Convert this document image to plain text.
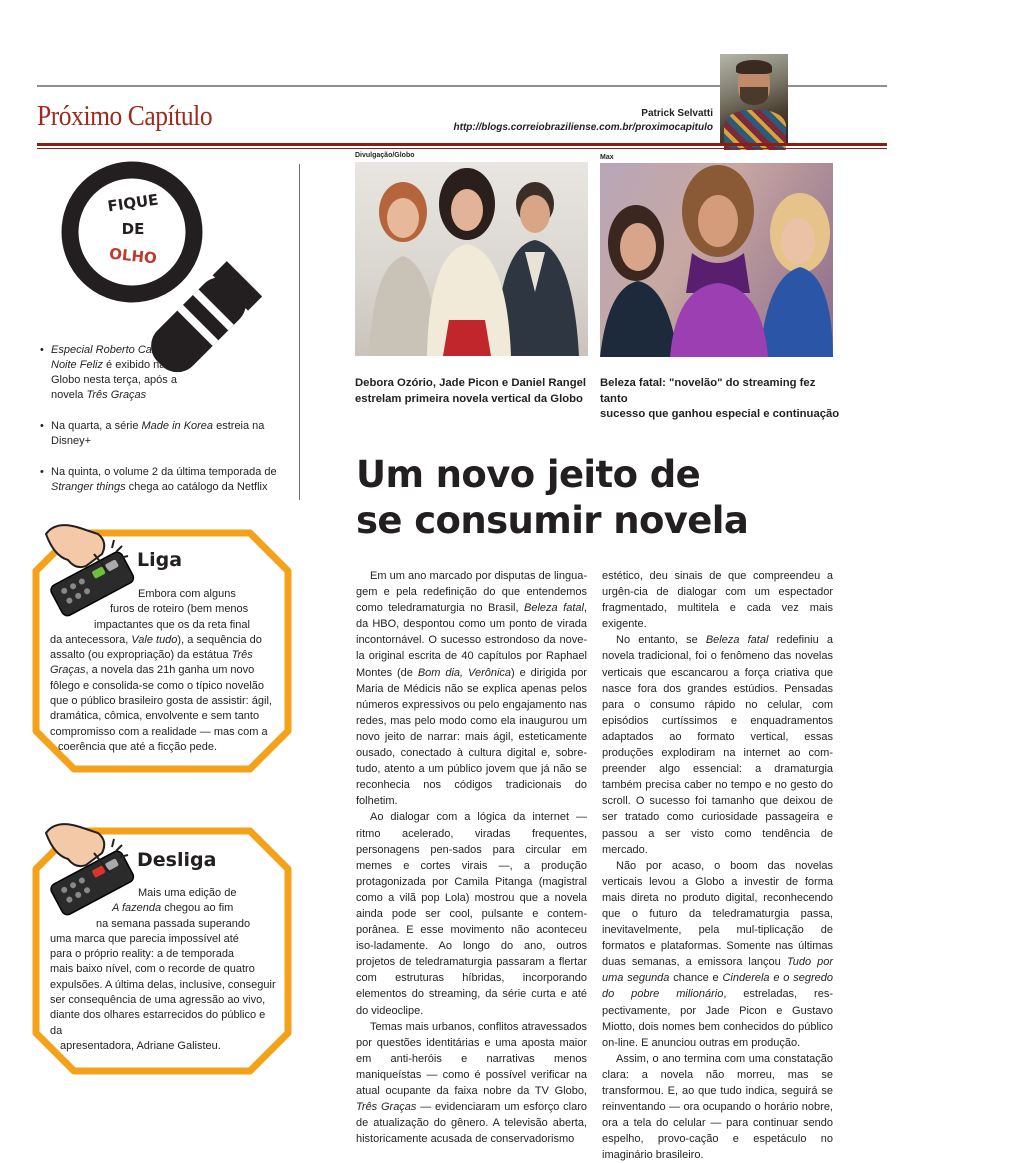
Próximo Capítulo	Patrick Selvatti
http://blogs.correiobraziliense.com.br/proximocapitulo
FIQUE
DE
OLHO
• Especial Roberto Carlos — Noite Feliz é exibido na Globo nesta terça, após a novela Três Graças
• Na quarta, a série Made in Korea estreia na Disney+
• Na quinta, o volume 2 da última temporada de Stranger things chega ao catálogo da Netflix
Liga
Embora com alguns
furos de roteiro (bem menos
impactantes que os da reta final
da antecessora, Vale tudo), a sequência do
assalto (ou expropriação) da estátua Três
Graças, a novela das 21h ganha um novo
fôlego e consolida-se como o típico novelão
que o público brasileiro gosta de assistir: ágil,
dramática, cômica, envolvente e sem tanto
compromisso com a realidade — mas com a
coerência que até a ficção pede.
Desliga
Mais uma edição de
A fazenda chegou ao fim
na semana passada superando
uma marca que parecia impossível até
para o próprio reality: a de temporada
mais baixo nível, com o recorde de quatro
expulsões. A última delas, inclusive, conseguir
ser consequência de uma agressão ao vivo,
diante dos olhares estarrecidos do público e da
apresentadora, Adriane Galisteu.
Divulgação/Globo
Debora Ozório, Jade Picon e Daniel Rangel
estrelam primeira novela vertical da Globo
Max
Beleza fatal: "novelão" do streaming fez tanto
sucesso que ganhou especial e continuação
Um novo jeito de
se consumir novela

Em um ano marcado por disputas de lingua-gem e pela redefinição do que entendemos como teledramaturgia no Brasil, Beleza fatal, da HBO, despontou como um ponto de virada incontornável. O sucesso estrondoso da nove-la original escrita de 40 capítulos por Raphael Montes (de Bom dia, Verônica) e dirigida por Maria de Médicis não se explica apenas pelos números expressivos ou pelo engajamento nas redes, mas pelo modo como ela inaugurou um novo jeito de narrar: mais ágil, esteticamente ousado, conectado à cultura digital e, sobre-tudo, atento a um público jovem que já não se reconhecia nos códigos tradicionais do folhetim.

Ao dialogar com a lógica da internet — ritmo acelerado, viradas frequentes, personagens pen-sados para circular em memes e cortes virais —, a produção protagonizada por Camila Pitanga (magistral como a vilã pop Lola) mostrou que a novela ainda pode ser cool, pulsante e contem-porânea. E esse movimento não aconteceu iso-ladamente. Ao longo do ano, outros projetos de teledramaturgia passaram a flertar com estruturas híbridas, incorporando elementos do streaming, da série curta e até do videoclipe.

Temas mais urbanos, conflitos atravessados por questões identitárias e uma aposta maior em anti-heróis e narrativas menos maniqueístas — como é possível verificar na atual ocupante da faixa nobre da TV Globo, Três Graças — evidenciaram um esforço claro de atualização do gênero. A televisão aberta, historicamente acusada de conservadorismo

estético, deu sinais de que compreendeu a urgên-cia de dialogar com um espectador fragmentado, multitela e cada vez mais exigente.

No entanto, se Beleza fatal redefiniu a novela tradicional, foi o fenômeno das novelas verticais que escancarou a força criativa que nasce fora dos grandes estúdios. Pensadas para o consumo rápido no celular, com episódios curtíssimos e enquadramentos adaptados ao formato vertical, essas produções explodiram na internet ao com-preender algo essencial: a dramaturgia também precisa caber no tempo e no gesto do scroll. O sucesso foi tamanho que deixou de ser tratado como curiosidade passageira e passou a ser visto como tendência de mercado.

Não por acaso, o boom das novelas verticais levou a Globo a investir de forma mais direta no produto digital, reconhecendo que o futuro da teledramaturgia passa, inevitavelmente, pela mul-tiplicação de formatos e plataformas. Somente nas últimas duas semanas, a emissora lançou Tudo por uma segunda chance e Cinderela e o segredo do pobre milionário, estreladas, res-pectivamente, por Jade Picon e Gustavo Miotto, dois nomes bem conhecidos do público on-line. E anunciou outras em produção.

Assim, o ano termina com uma constatação clara: a novela não morreu, mas se transformou. E, ao que tudo indica, seguirá se reinventando — ora ocupando o horário nobre, ora a tela do celular — para continuar sendo espelho, provo-cação e espetáculo no imaginário brasileiro.
